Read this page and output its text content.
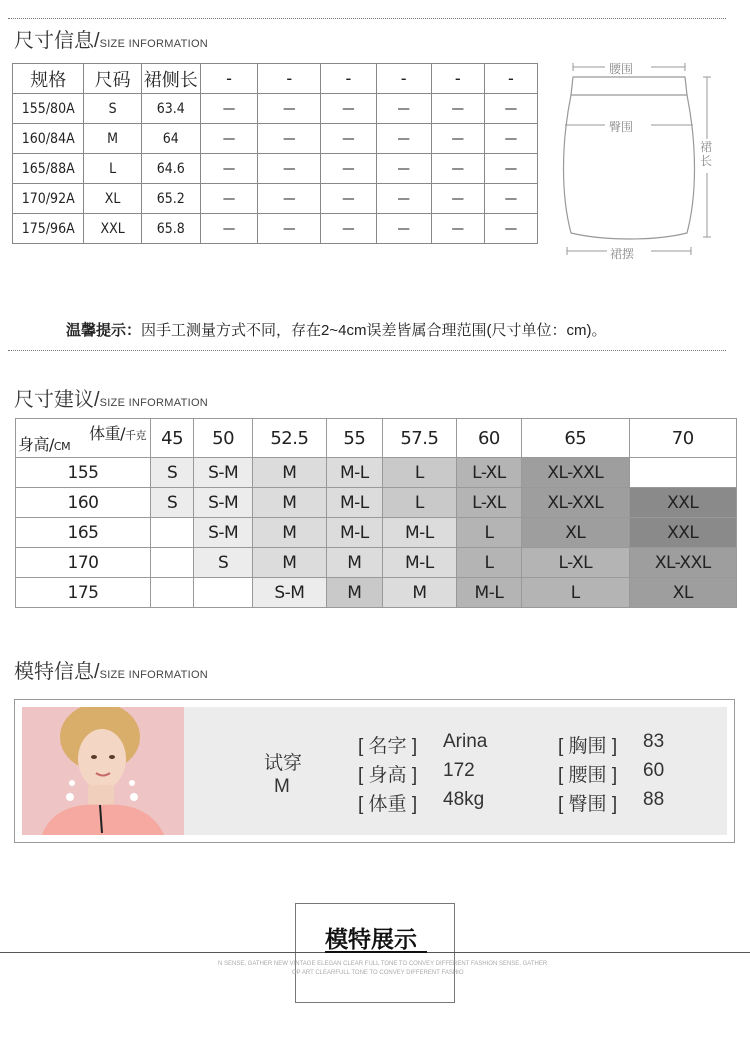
尺寸信息/SIZE INFORMATION
规格	尺码	裙侧长	-	-	-	-	-	-
155/80A	S	63.4	—	—	—	—	—	—
160/84A	M	64	—	—	—	—	—	—
165/88A	L	64.6	—	—	—	—	—	—
170/92A	XL	65.2	—	—	—	—	—	—
175/96A	XXL	65.8	—	—	—	—	—	—
腰围
臀围
裙长
裙摆
温馨提示：因手工测量方式不同，存在2~4cm误差皆属合理范围(尺寸单位：cm)。
尺寸建议/SIZE INFORMATION
体重/千克
身高/CM	45	50	52.5	55	57.5	60	65	70
155	S	S-M	M	M-L	L	L-XL	XL-XXL	
160	S	S-M	M	M-L	L	L-XL	XL-XXL	XXL
165		S-M	M	M-L	M-L	L	XL	XXL
170		S	M	M	M-L	L	L-XL	XL-XXL
175			S-M	M	M	M-L	L	XL
模特信息/SIZE INFORMATION
试穿
M
[ 名字 ] Arina
[ 身高 ] 172
[ 体重 ] 48kg
[ 胸围 ] 83
[ 腰围 ] 60
[ 臀围 ] 88
模特展示
N SENSE, GATHER NEW VINTAGE ELEGAN CLEAR FULL TONE TO CONVEY DIFFERENT FASHION SENSE, GATHER
OP ART CLEARFULL TONE TO CONVEY DIFFERENT FASHIO
